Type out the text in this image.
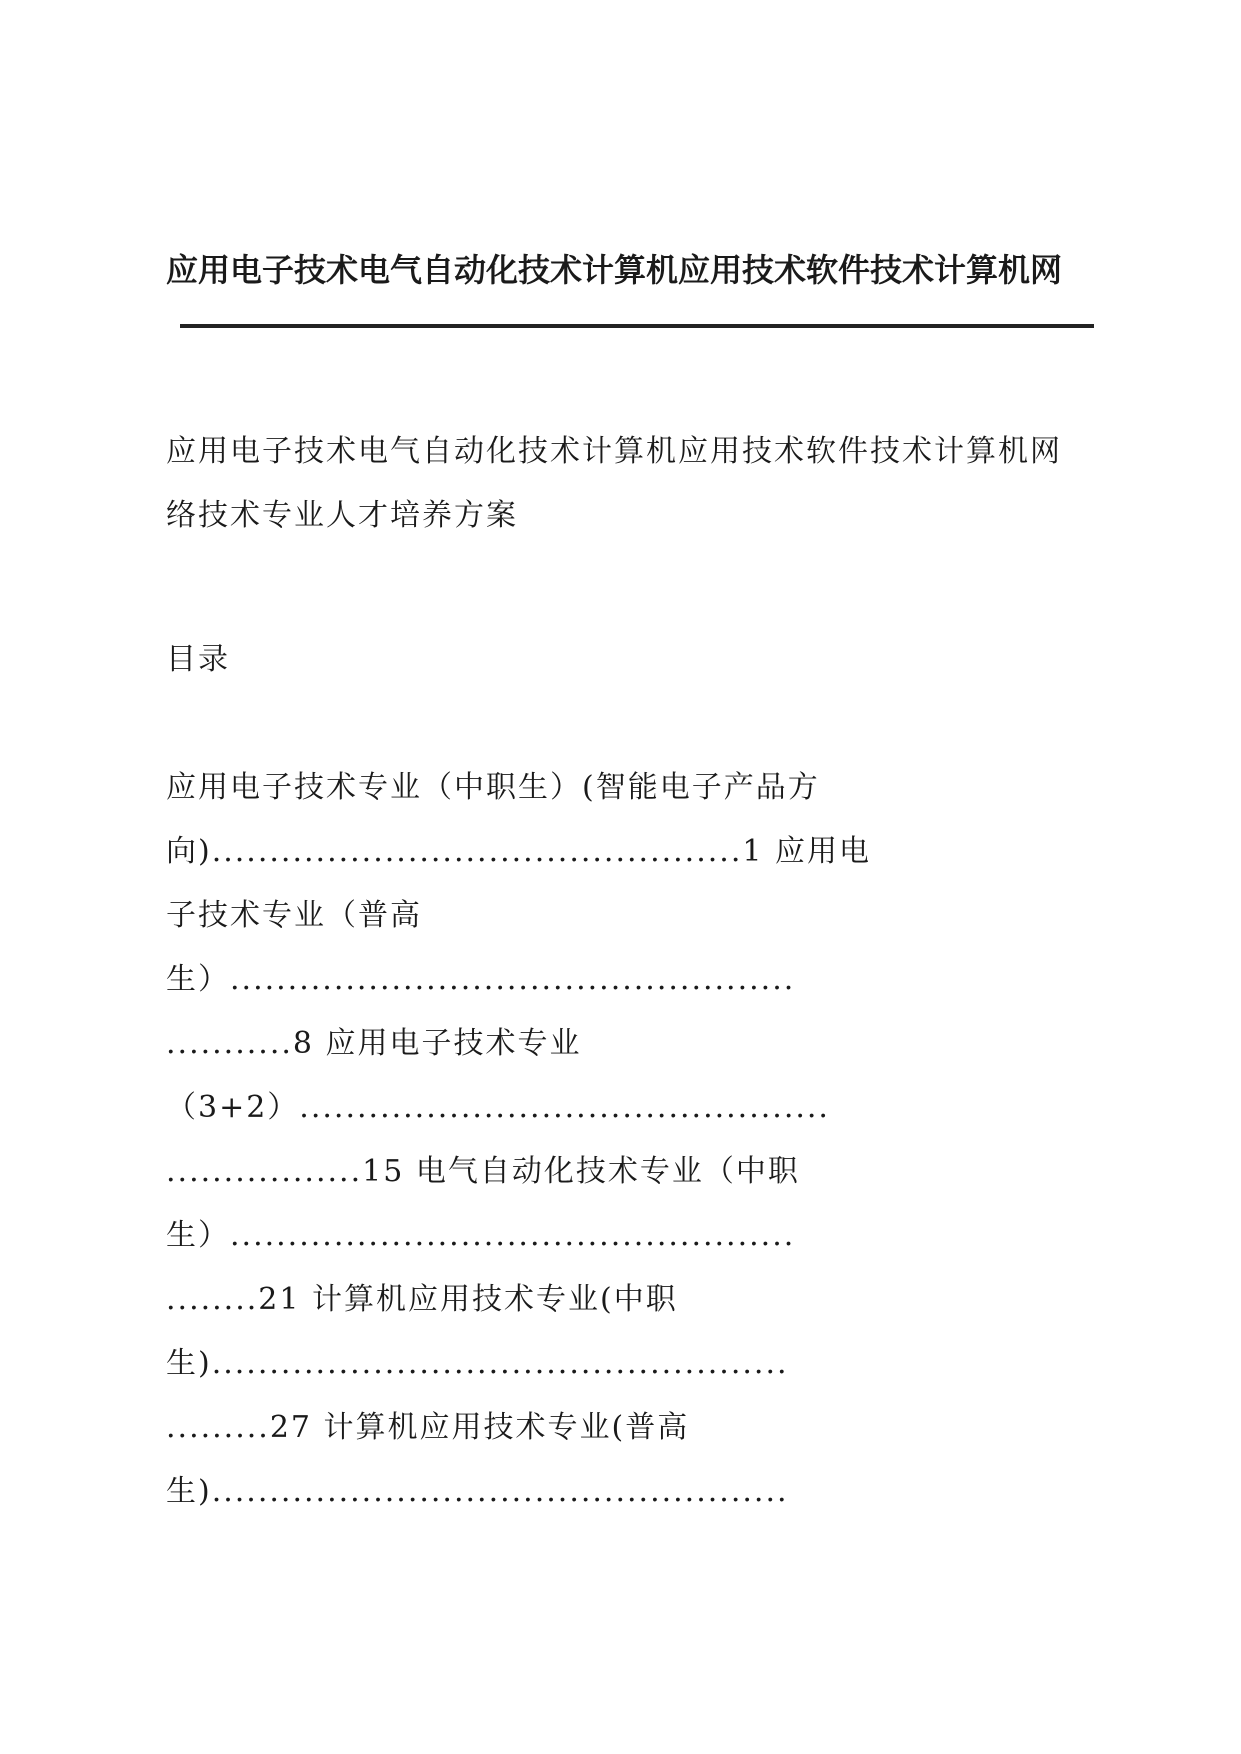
应用电子技术电气自动化技术计算机应用技术软件技术计算机网
应用电子技术电气自动化技术计算机应用技术软件技术计算机网
络技术专业人才培养方案
目录
应用电子技术专业（中职生）(智能电子产品方
向)..............................................1 应用电
子技术专业（普高
生）.................................................
...........8 应用电子技术专业
（3+2）..............................................
.................15 电气自动化技术专业（中职
生）.................................................
........21 计算机应用技术专业(中职
生)..................................................
.........27 计算机应用技术专业(普高
生)..................................................
